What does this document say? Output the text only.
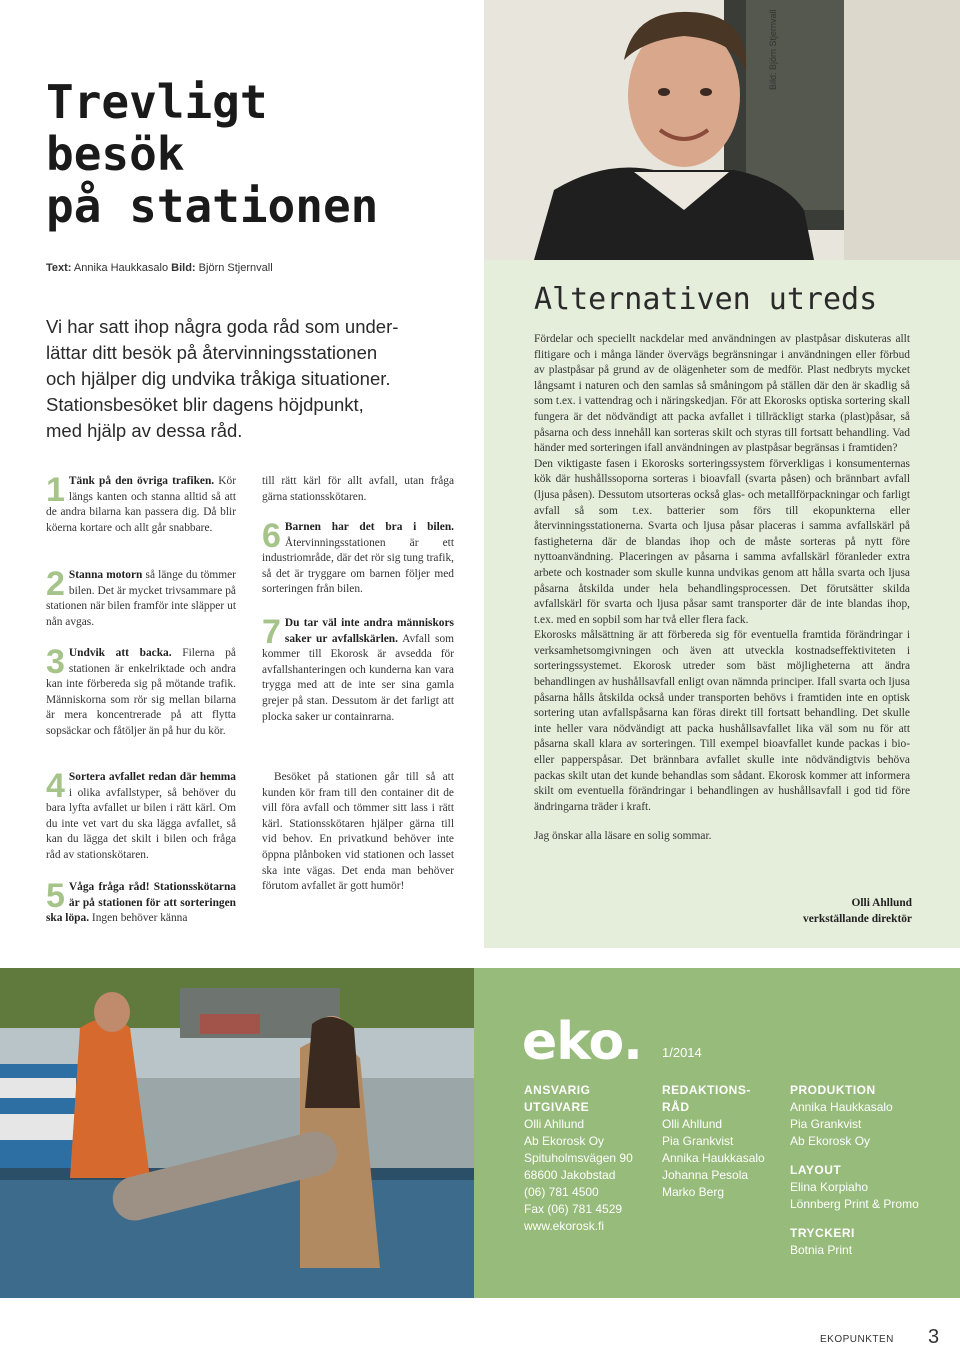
Trevligt
besök
på stationen
Text: Annika Haukkasalo Bild: Björn Stjernvall
Vi har satt ihop några goda råd som under-
lättar ditt besök på återvinningsstationen
och hjälper dig undvika tråkiga situationer.
Stationsbesöket blir dagens höjdpunkt,
med hjälp av dessa råd.
1 Tänk på den övriga trafiken. Kör längs kanten och stanna alltid så att de andra bilarna kan passera dig. Då blir köerna kortare och allt går snabbare.
2 Stanna motorn så länge du tömmer bilen. Det är mycket trivsammare på stationen när bilen framför inte släpper ut nån avgas.
3 Undvik att backa. Filerna på stationen är enkelriktade och andra kan inte förbereda sig på mötande trafik. Människorna som rör sig mellan bilarna är mera koncentrerade på att flytta sopsäckar och fåtöljer än på hur du kör.
4 Sortera avfallet redan där hemma i olika avfallstyper, så behöver du bara lyfta avfallet ur bilen i rätt kärl. Om du inte vet vart du ska lägga avfallet, så kan du lägga det skilt i bilen och fråga råd av stationskötaren.
5 Våga fråga råd! Stationsskötarna är på stationen för att sorteringen ska löpa. Ingen behöver känna
till rätt kärl för allt avfall, utan fråga gärna stationsskötaren.
6 Barnen har det bra i bilen. Återvinningsstationen är ett industriområde, där det rör sig tung trafik, så det är tryggare om barnen följer med sorteringen från bilen.
7 Du tar väl inte andra människors saker ur avfallskärlen. Avfall som kommer till Ekorosk är avsedda för avfallshanteringen och kunderna kan vara trygga med att de inte ser sina gamla grejer på stan. Dessutom är det farligt att plocka saker ur containrarna.
Besöket på stationen går till så att kunden kör fram till den container dit de vill föra avfall och tömmer sitt lass i rätt kärl. Stationsskötaren hjälper gärna till vid behov. En privatkund behöver inte öppna plånboken vid stationen och lasset ska inte vägas. Det enda man behöver förutom avfallet är gott humör!
Bild: Björn Stjernvall
Alternativen utreds

Fördelar och speciellt nackdelar med användningen av plastpåsar diskuteras allt flitigare och i många länder övervägs begränsningar i användningen eller förbud av plastpåsar på grund av de olägenheter som de medför. Plast nedbryts mycket långsamt i naturen och den samlas så småningom på ställen där den är skadlig så som t.ex. i vattendrag och i näringskedjan. För att Ekorosks optiska sortering skall fungera är det nödvändigt att packa avfallet i tillräckligt starka (plast)påsar, så påsarna och dess innehåll kan sorteras skilt och styras till fortsatt behandling. Vad händer med sorteringen ifall användningen av plastpåsar begränsas i framtiden?

Den viktigaste fasen i Ekorosks sorteringssystem förverkligas i konsumenternas kök där hushållssoporna sorteras i bioavfall (svarta påsen) och brännbart avfall (ljusa påsen). Dessutom utsorteras också glas- och metallförpackningar och farligt avfall så som t.ex. batterier som förs till ekopunkterna eller återvinningsstationerna. Svarta och ljusa påsar placeras i samma avfallskärl på fastigheterna där de blandas ihop och de måste sorteras på nytt före nyttoanvändning. Placeringen av påsarna i samma avfallskärl föranleder extra arbete och kostnader som skulle kunna undvikas genom att hålla svarta och ljusa påsarna åtskilda under hela behandlingsprocessen. Det förutsätter skilda avfallskärl för svarta och ljusa påsar samt transporter där de inte blandas ihop, t.ex. med en sopbil som har två eller flera fack.

Ekorosks målsättning är att förbereda sig för eventuella framtida förändringar i verksamhetsomgivningen och även att utveckla kostnadseffektiviteten i sorteringssystemet. Ekorosk utreder som bäst möjligheterna att ändra behandlingen av hushållsavfall enligt ovan nämnda principer. Ifall svarta och ljusa påsarna hålls åtskilda också under transporten behövs i framtiden inte en optisk sortering utan avfallspåsarna kan föras direkt till fortsatt behandling. Det skulle inte heller vara nödvändigt att packa hushållsavfallet lika väl som nu för att påsarna skall klara av sorteringen. Till exempel bioavfallet kunde packas i bio- eller papperspåsar. Det brännbara avfallet skulle inte nödvändigtvis behöva packas skilt utan det kunde behandlas som sådant. Ekorosk kommer att informera skilt om eventuella förändringar i behandlingen av hushållsavfall i god tid före ändringarna träder i kraft.

Jag önskar alla läsare en solig sommar.

Olli Ahllund
verkställande direktör
eko. 1/2014
ANSVARIG
UTGIVARE
Olli Ahllund
Ab Ekorosk Oy
Spituholmsvägen 90
68600 Jakobstad
(06) 781 4500
Fax (06) 781 4529
www.ekorosk.fi
REDAKTIONS-
RÅD
Olli Ahllund
Pia Grankvist
Annika Haukkasalo
Johanna Pesola
Marko Berg
PRODUKTION
Annika Haukkasalo
Pia Grankvist
Ab Ekorosk Oy
LAYOUT
Elina Korpiaho
Lönnberg Print & Promo
TRYCKERI
Botnia Print
EKOPUNKTEN 3
